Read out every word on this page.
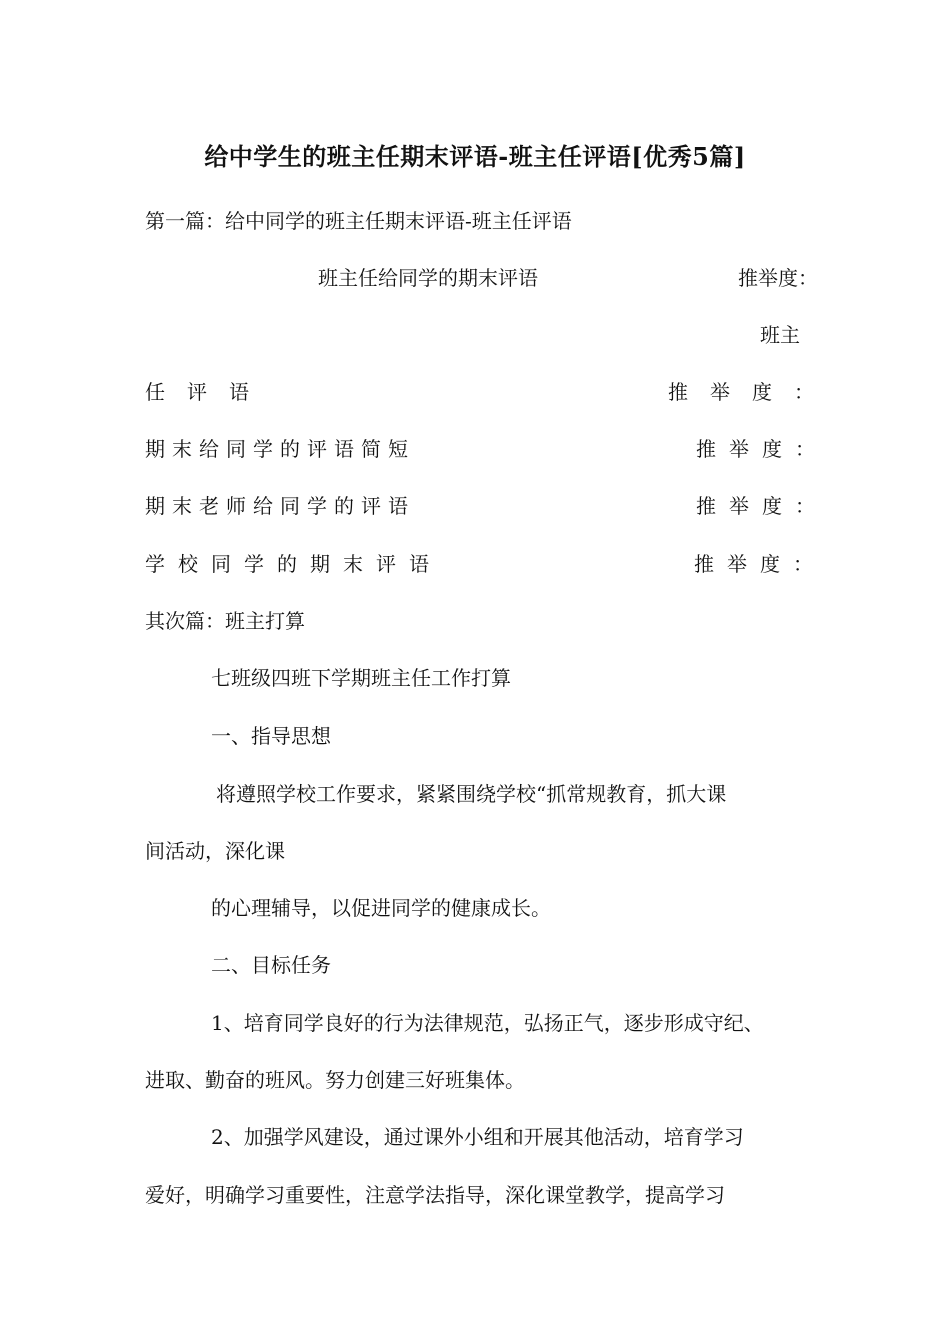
给中学生的班主任期末评语-班主任评语[优秀5篇]
第一篇：给中同学的班主任期末评语-班主任评语
班主任给同学的期末评语	推举度：
班主
任评语	推举度：
期末给同学的评语简短	推举度：
期末老师给同学的评语	推举度：
学校同学的期末评语	推举度：
其次篇：班主打算
七班级四班下学期班主任工作打算
一、指导思想
将遵照学校工作要求，紧紧围绕学校“抓常规教育，抓大课
间活动，深化课
的心理辅导，以促进同学的健康成长。
二、目标任务
1、培育同学良好的行为法律规范，弘扬正气，逐步形成守纪、
进取、勤奋的班风。努力创建三好班集体。
2、加强学风建设，通过课外小组和开展其他活动，培育学习
爱好，明确学习重要性，注意学法指导，深化课堂教学，提高学习
